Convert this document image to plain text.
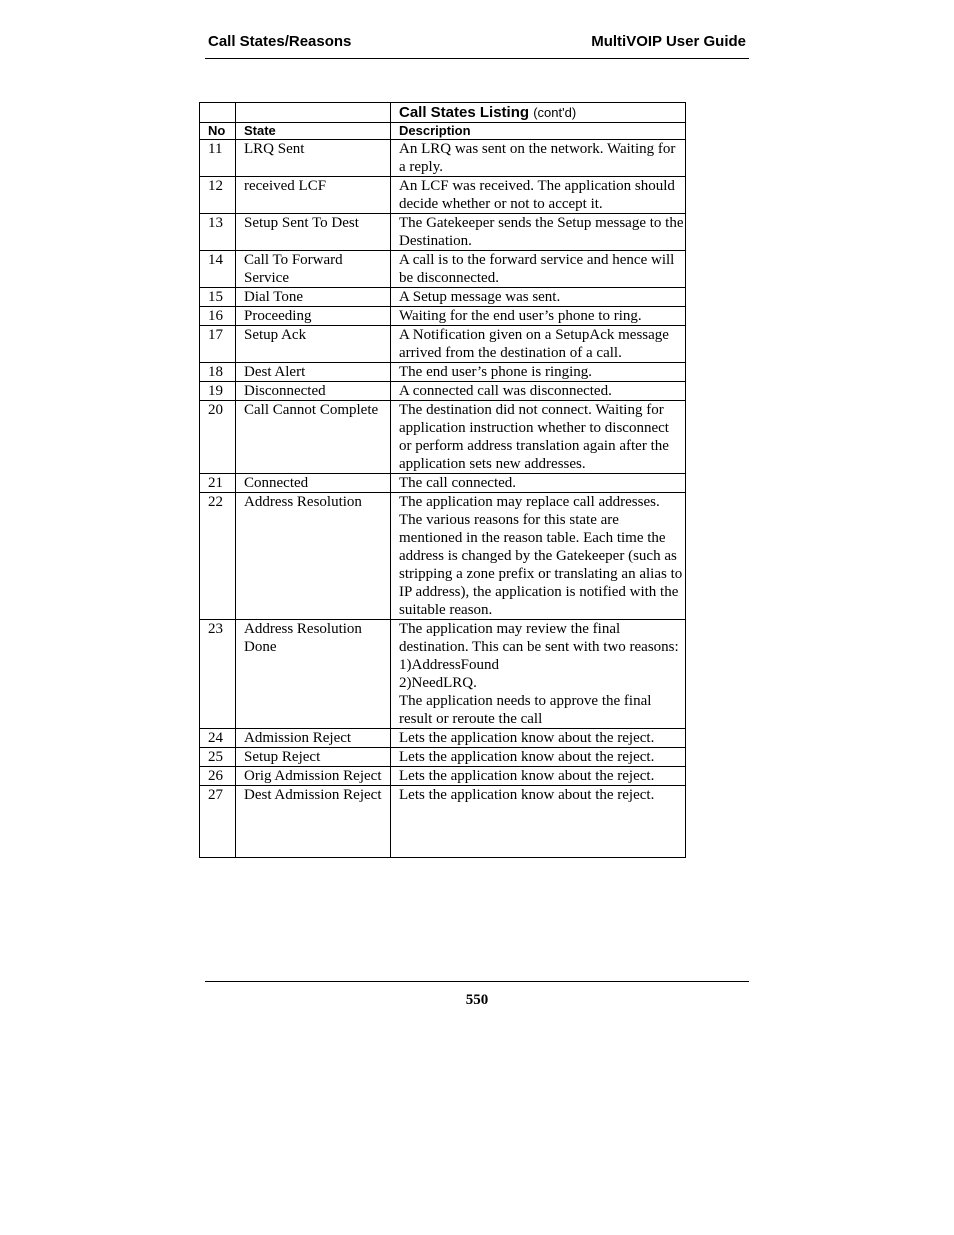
Call States/Reasons	MultiVOIP User Guide
		Call States Listing (cont'd)
No	State	Description
11	LRQ Sent	An LRQ was sent on the network. Waiting for a reply.
12	received LCF	An LCF was received. The application should decide whether or not to accept it.
13	Setup Sent To Dest	The Gatekeeper sends the Setup message to the Destination.
14	Call To Forward Service	A call is to the forward service and hence will be disconnected.
15	Dial Tone	A Setup message was sent.
16	Proceeding	Waiting for the end user’s phone to ring.
17	Setup Ack	A Notification given on a SetupAck message arrived from the destination of a call.
18	Dest Alert	The end user’s phone is ringing.
19	Disconnected	A connected call was disconnected.
20	Call Cannot Complete	The destination did not connect. Waiting for application instruction whether to disconnect or perform address translation again after the application sets new addresses.
21	Connected	The call connected.
22	Address Resolution	The application may replace call addresses. The various reasons for this state are mentioned in the reason table. Each time the address is changed by the Gatekeeper (such as stripping a zone prefix or translating an alias to IP address), the application is notified with the suitable reason.
23	Address Resolution Done	The application may review the final destination. This can be sent with two reasons:
1)AddressFound
2)NeedLRQ.
The application needs to approve the final result or reroute the call

24	Admission Reject	Lets the application know about the reject.
25	Setup Reject	Lets the application know about the reject.
26	Orig Admission Reject	Lets the application know about the reject.
27	Dest Admission Reject	Lets the application know about the reject.
550
